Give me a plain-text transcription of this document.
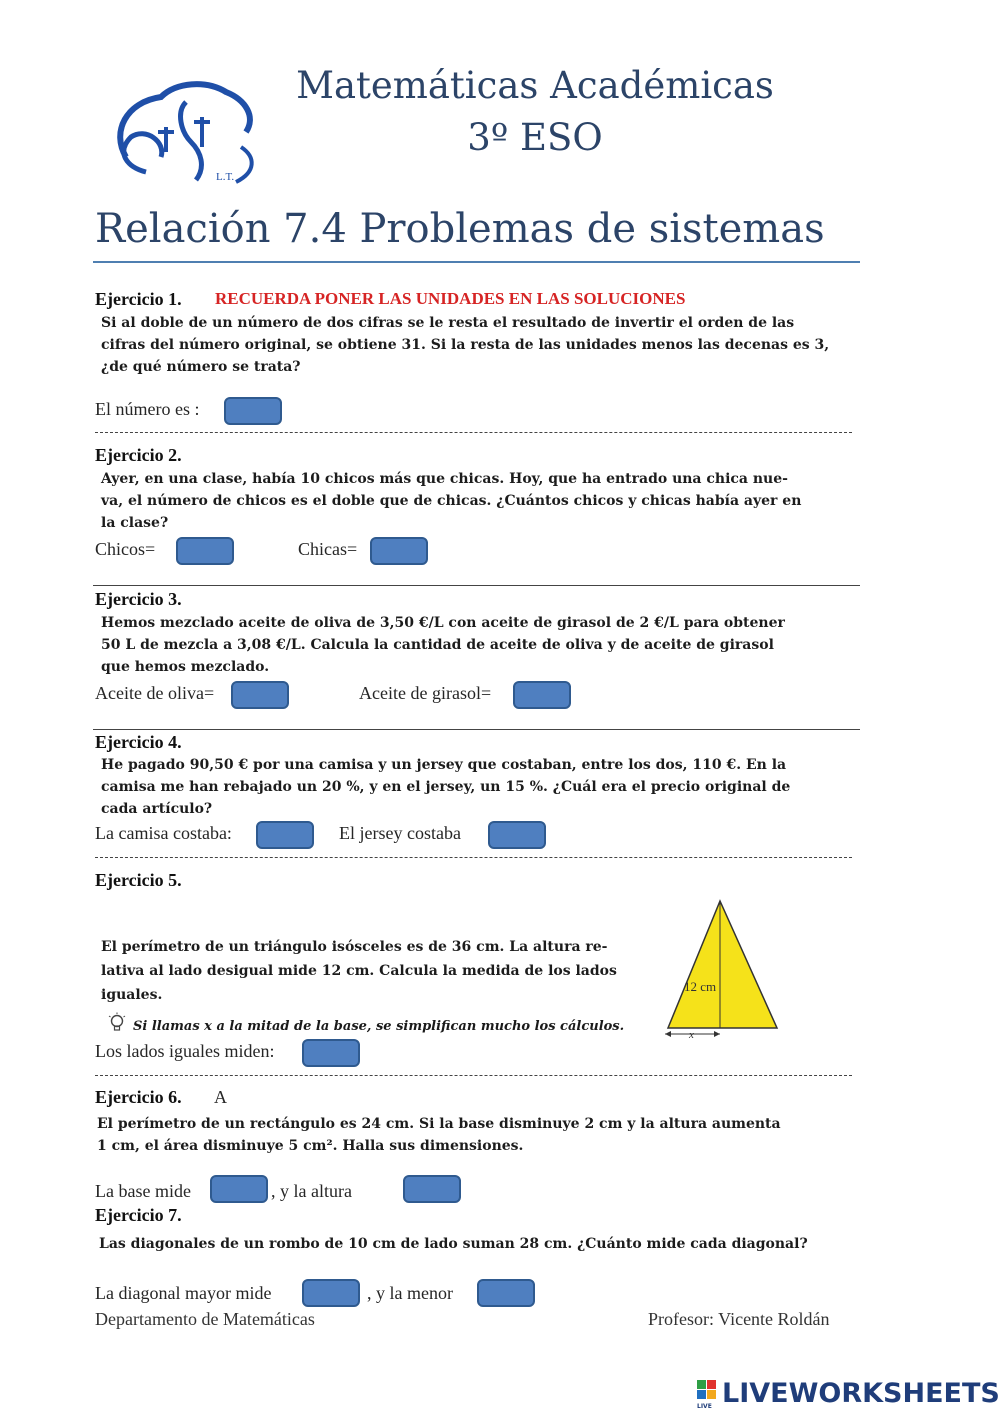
L.T.
Matemáticas Académicas
3º ESO
Relación 7.4 Problemas de sistemas
Ejercicio 1. RECUERDA PONER LAS UNIDADES EN LAS SOLUCIONES
Si al doble de un número de dos cifras se le resta el resultado de invertir el orden de las
cifras del número original, se obtiene 31. Si la resta de las unidades menos las decenas es 3,
¿de qué número se trata?
El número es :
Ejercicio 2.
Ayer, en una clase, había 10 chicos más que chicas. Hoy, que ha entrado una chica nue-
va, el número de chicos es el doble que de chicas. ¿Cuántos chicos y chicas había ayer en
la clase?
Chicos=	Chicas=
Ejercicio 3.
Hemos mezclado aceite de oliva de 3,50 €/L con aceite de girasol de 2 €/L para obtener
50 L de mezcla a 3,08 €/L. Calcula la cantidad de aceite de oliva y de aceite de girasol
que hemos mezclado.
Aceite de oliva=	Aceite de girasol=
Ejercicio 4.
He pagado 90,50 € por una camisa y un jersey que costaban, entre los dos, 110 €. En la
camisa me han rebajado un 20 %, y en el jersey, un 15 %. ¿Cuál era el precio original de
cada artículo?
La camisa costaba:	El jersey costaba
Ejercicio 5.
El perímetro de un triángulo isósceles es de 36 cm. La altura re-
lativa al lado desigual mide 12 cm. Calcula la medida de los lados
iguales.
Si llamas x a la mitad de la base, se simplifican mucho los cálculos.
12 cm
x
Los lados iguales miden:
Ejercicio 6. A
El perímetro de un rectángulo es 24 cm. Si la base disminuye 2 cm y la altura aumenta
1 cm, el área disminuye 5 cm². Halla sus dimensiones.
La base mide	, y la altura
Ejercicio 7.
Las diagonales de un rombo de 10 cm de lado suman 28 cm. ¿Cuánto mide cada diagonal?
La diagonal mayor mide	, y la menor
Departamento de Matemáticas	Profesor: Vicente Roldán
LIVE LIVEWORKSHEETS
